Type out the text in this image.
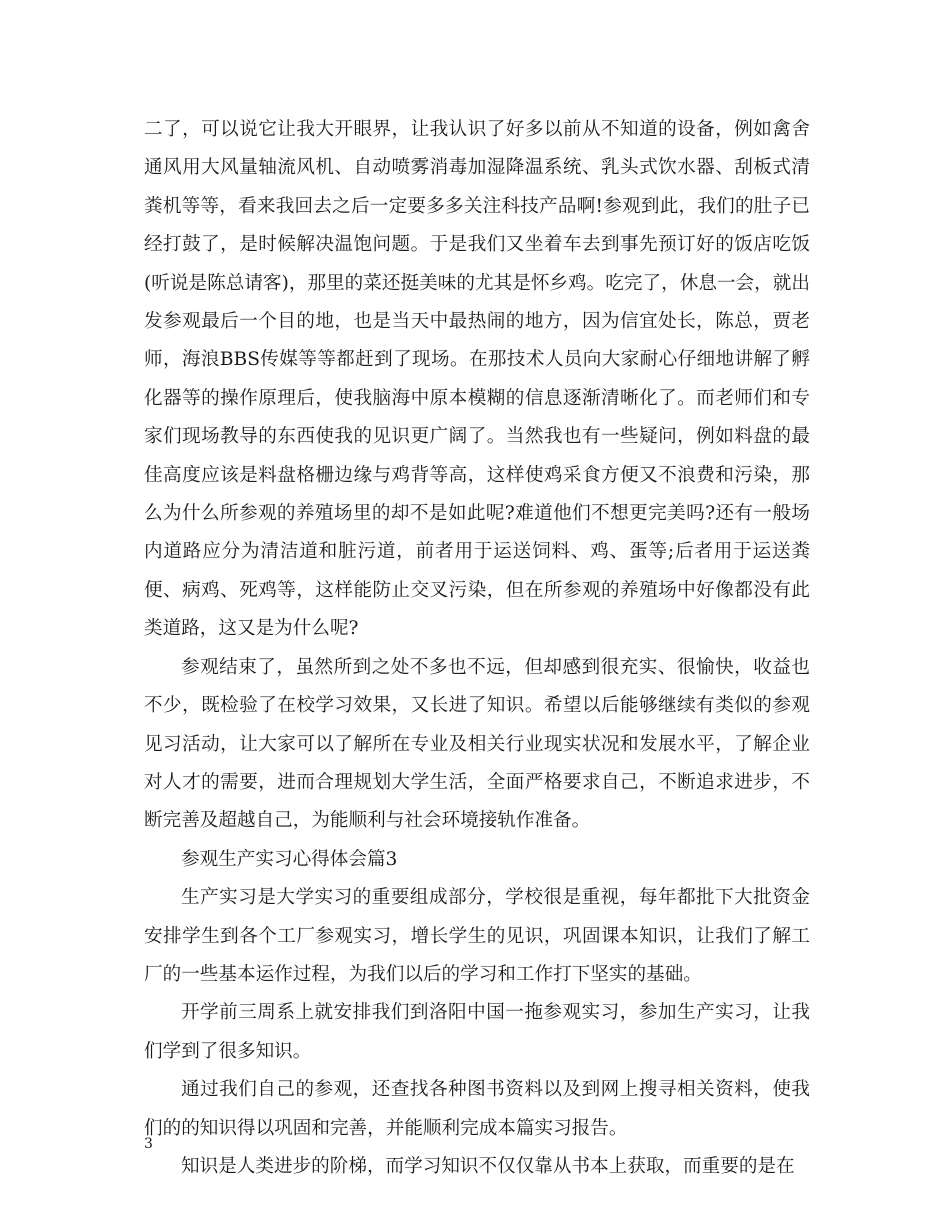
二了，可以说它让我大开眼界，让我认识了好多以前从不知道的设备，例如禽舍通风用大风量轴流风机、自动喷雾消毒加湿降温系统、乳头式饮水器、刮板式清粪机等等，看来我回去之后一定要多多关注科技产品啊!参观到此，我们的肚子已经打鼓了，是时候解决温饱问题。于是我们又坐着车去到事先预订好的饭店吃饭(听说是陈总请客)，那里的菜还挺美味的尤其是怀乡鸡。吃完了，休息一会，就出发参观最后一个目的地，也是当天中最热闹的地方，因为信宜处长，陈总，贾老师，海浪BBS传媒等等都赶到了现场。在那技术人员向大家耐心仔细地讲解了孵化器等的操作原理后，使我脑海中原本模糊的信息逐渐清晰化了。而老师们和专家们现场教导的东西使我的见识更广阔了。当然我也有一些疑问，例如料盘的最佳高度应该是料盘格栅边缘与鸡背等高，这样使鸡采食方便又不浪费和污染，那么为什么所参观的养殖场里的却不是如此呢?难道他们不想更完美吗?还有一般场内道路应分为清洁道和脏污道，前者用于运送饲料、鸡、蛋等;后者用于运送粪便、病鸡、死鸡等，这样能防止交叉污染，但在所参观的养殖场中好像都没有此类道路，这又是为什么呢?

参观结束了，虽然所到之处不多也不远，但却感到很充实、很愉快，收益也不少，既检验了在校学习效果，又长进了知识。希望以后能够继续有类似的参观见习活动，让大家可以了解所在专业及相关行业现实状况和发展水平，了解企业对人才的需要，进而合理规划大学生活，全面严格要求自己，不断追求进步，不断完善及超越自己，为能顺利与社会环境接轨作准备。

参观生产实习心得体会篇3

生产实习是大学实习的重要组成部分，学校很是重视，每年都批下大批资金安排学生到各个工厂参观实习，增长学生的见识，巩固课本知识，让我们了解工厂的一些基本运作过程，为我们以后的学习和工作打下坚实的基础。

开学前三周系上就安排我们到洛阳中国一拖参观实习，参加生产实习，让我们学到了很多知识。

通过我们自己的参观，还查找各种图书资料以及到网上搜寻相关资料，使我们的的知识得以巩固和完善，并能顺利完成本篇实习报告。

知识是人类进步的阶梯，而学习知识不仅仅靠从书本上获取，而重要的是在

3
